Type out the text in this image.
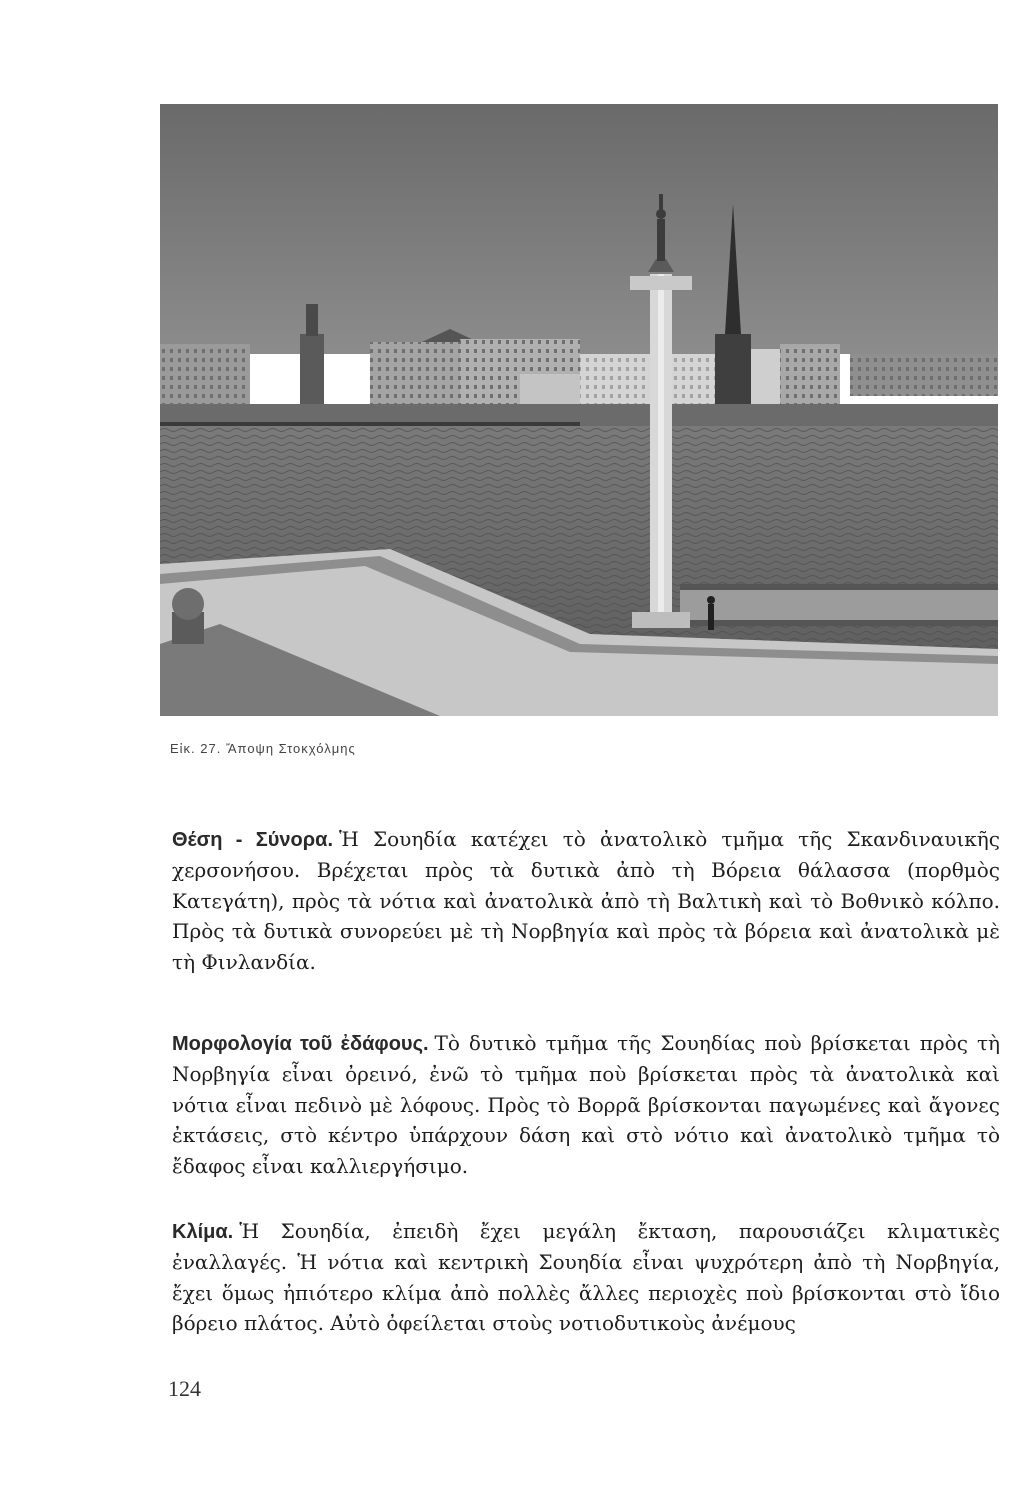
Εἰκ. 27. Ἄποψη Στοκχόλμης

Θέση - Σύνορα. Ἡ Σουηδία κατέχει τὸ ἀνατολικὸ τμῆμα τῆς Σκανδιναυικῆς χερσονήσου. Βρέχεται πρὸς τὰ δυτικὰ ἀπὸ τὴ Βόρεια θάλασσα (πορθμὸς Κατεγάτη), πρὸς τὰ νότια καὶ ἀνατολικὰ ἀπὸ τὴ Βαλτικὴ καὶ τὸ Βοθνικὸ κόλπο. Πρὸς τὰ δυτικὰ συνορεύει μὲ τὴ Νορβηγία καὶ πρὸς τὰ βόρεια καὶ ἀνατολικὰ μὲ τὴ Φινλανδία.

Μορφολογία τοῦ ἐδάφους. Τὸ δυτικὸ τμῆμα τῆς Σουηδίας ποὺ βρίσκεται πρὸς τὴ Νορβηγία εἶναι ὀρεινό, ἐνῶ τὸ τμῆμα ποὺ βρίσκεται πρὸς τὰ ἀνατολικὰ καὶ νότια εἶναι πεδινὸ μὲ λόφους. Πρὸς τὸ Βορρᾶ βρίσκονται παγωμένες καὶ ἄγονες ἐκτάσεις, στὸ κέντρο ὑπάρχουν δάση καὶ στὸ νότιο καὶ ἀνατολικὸ τμῆμα τὸ ἔδαφος εἶναι καλλιεργήσιμο.

Κλίμα. Ἡ Σουηδία, ἐπειδὴ ἔχει μεγάλη ἔκταση, παρουσιάζει κλιματικὲς ἐναλλαγές. Ἡ νότια καὶ κεντρικὴ Σουηδία εἶναι ψυχρότερη ἀπὸ τὴ Νορβηγία, ἔχει ὅμως ἠπιότερο κλίμα ἀπὸ πολλὲς ἄλλες περιοχὲς ποὺ βρίσκονται στὸ ἴδιο βόρειο πλάτος. Αὐτὸ ὀφείλεται στοὺς νοτιοδυτικοὺς ἀνέμους

124
